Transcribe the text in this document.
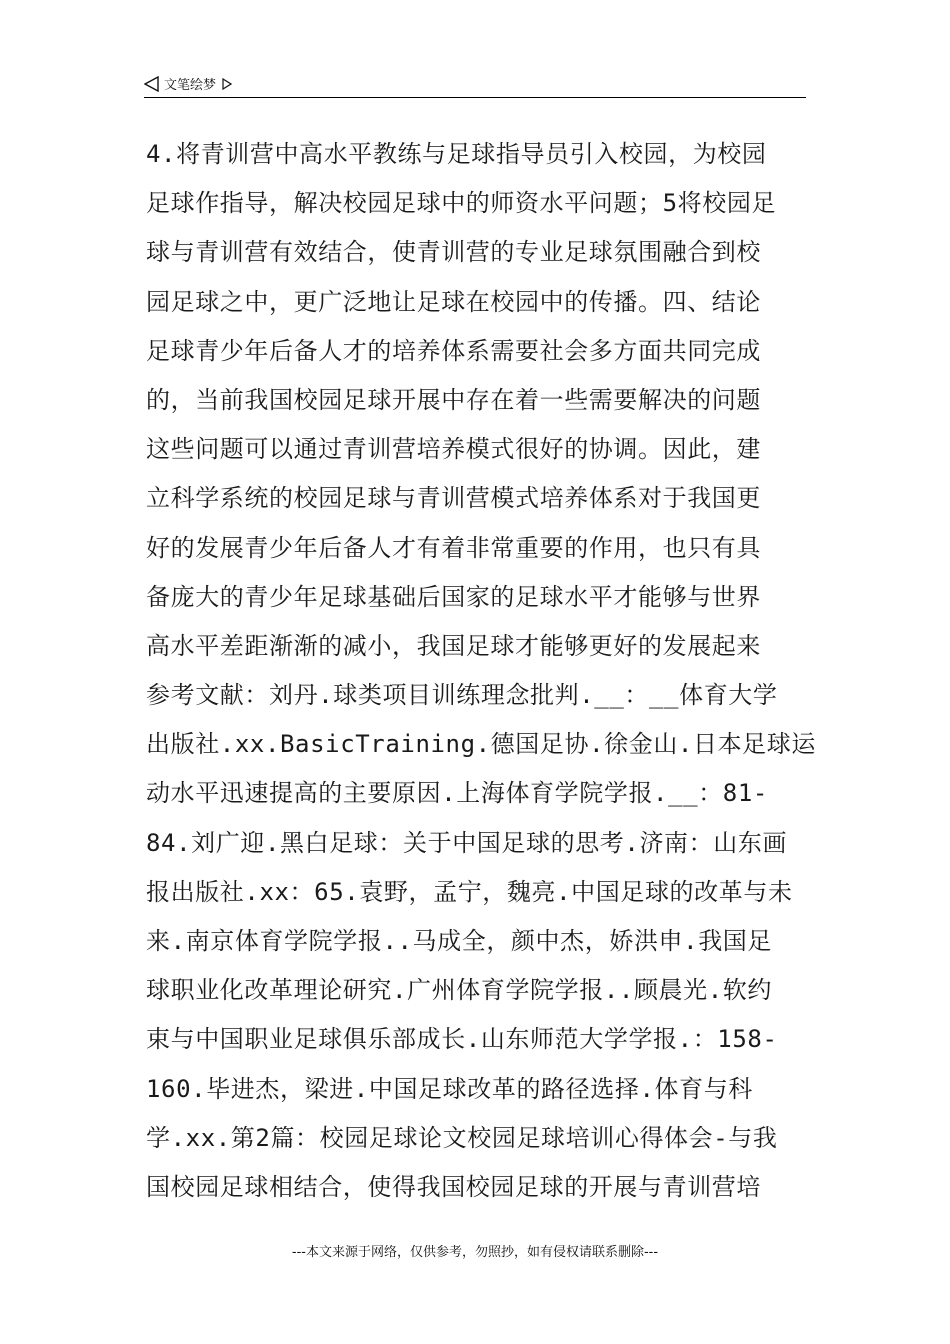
文笔绘梦
4.将青训营中高水平教练与足球指导员引入校园，为校园
足球作指导，解决校园足球中的师资水平问题；5将校园足
球与青训营有效结合，使青训营的专业足球氛围融合到校
园足球之中，更广泛地让足球在校园中的传播。四、结论
足球青少年后备人才的培养体系需要社会多方面共同完成
的，当前我国校园足球开展中存在着一些需要解决的问题
这些问题可以通过青训营培养模式很好的协调。因此，建
立科学系统的校园足球与青训营模式培养体系对于我国更
好的发展青少年后备人才有着非常重要的作用，也只有具
备庞大的青少年足球基础后国家的足球水平才能够与世界
高水平差距渐渐的减小，我国足球才能够更好的发展起来
参考文献：刘丹.球类项目训练理念批判.__：__体育大学
出版社.xx.BasicTraining.德国足协.徐金山.日本足球运
动水平迅速提高的主要原因.上海体育学院学报.__：81-
84.刘广迎.黑白足球：关于中国足球的思考.济南：山东画
报出版社.xx：65.袁野，孟宁，魏亮.中国足球的改革与未
来.南京体育学院学报..马成全，颜中杰，娇洪申.我国足
球职业化改革理论研究.广州体育学院学报..顾晨光.软约
束与中国职业足球俱乐部成长.山东师范大学学报.：158-
160.毕进杰，梁进.中国足球改革的路径选择.体育与科
学.xx.第2篇：校园足球论文校园足球培训心得体会-与我
国校园足球相结合，使得我国校园足球的开展与青训营培
---本文来源于网络，仅供参考，勿照抄，如有侵权请联系删除---
